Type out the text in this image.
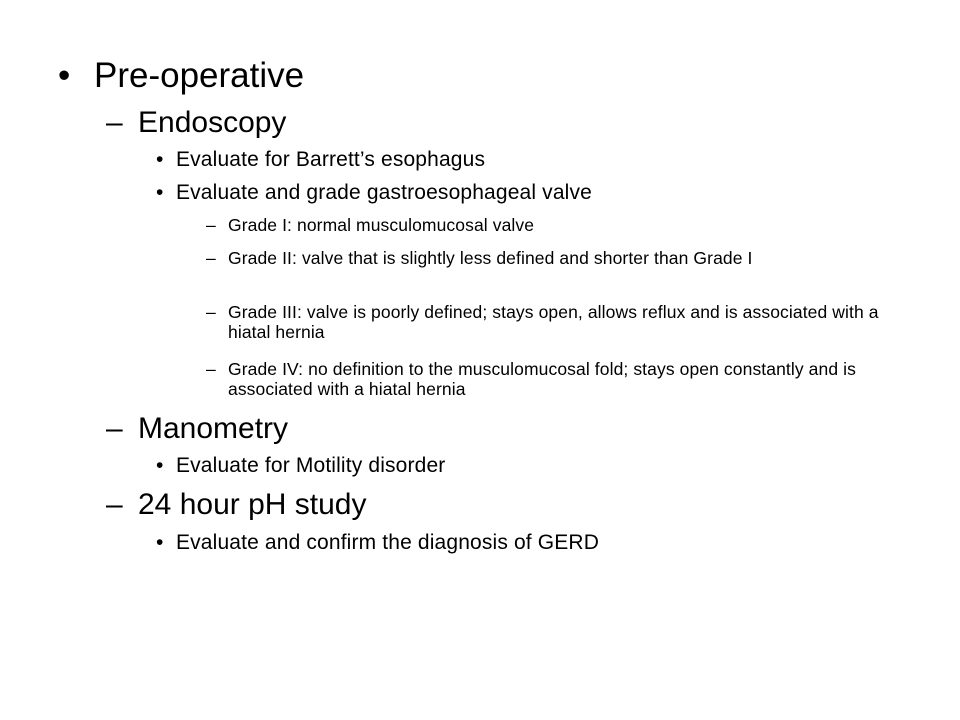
• Pre-operative
– Endoscopy
• Evaluate for Barrett’s esophagus
• Evaluate and grade gastroesophageal valve
– Grade I: normal musculomucosal valve
– Grade II: valve that is slightly less defined and shorter than Grade I
– Grade III: valve is poorly defined; stays open, allows reflux and is associated with a hiatal hernia
– Grade IV: no definition to the musculomucosal fold; stays open constantly and is associated with a hiatal hernia
– Manometry
• Evaluate for Motility disorder
– 24 hour pH study
• Evaluate and confirm the diagnosis of GERD
